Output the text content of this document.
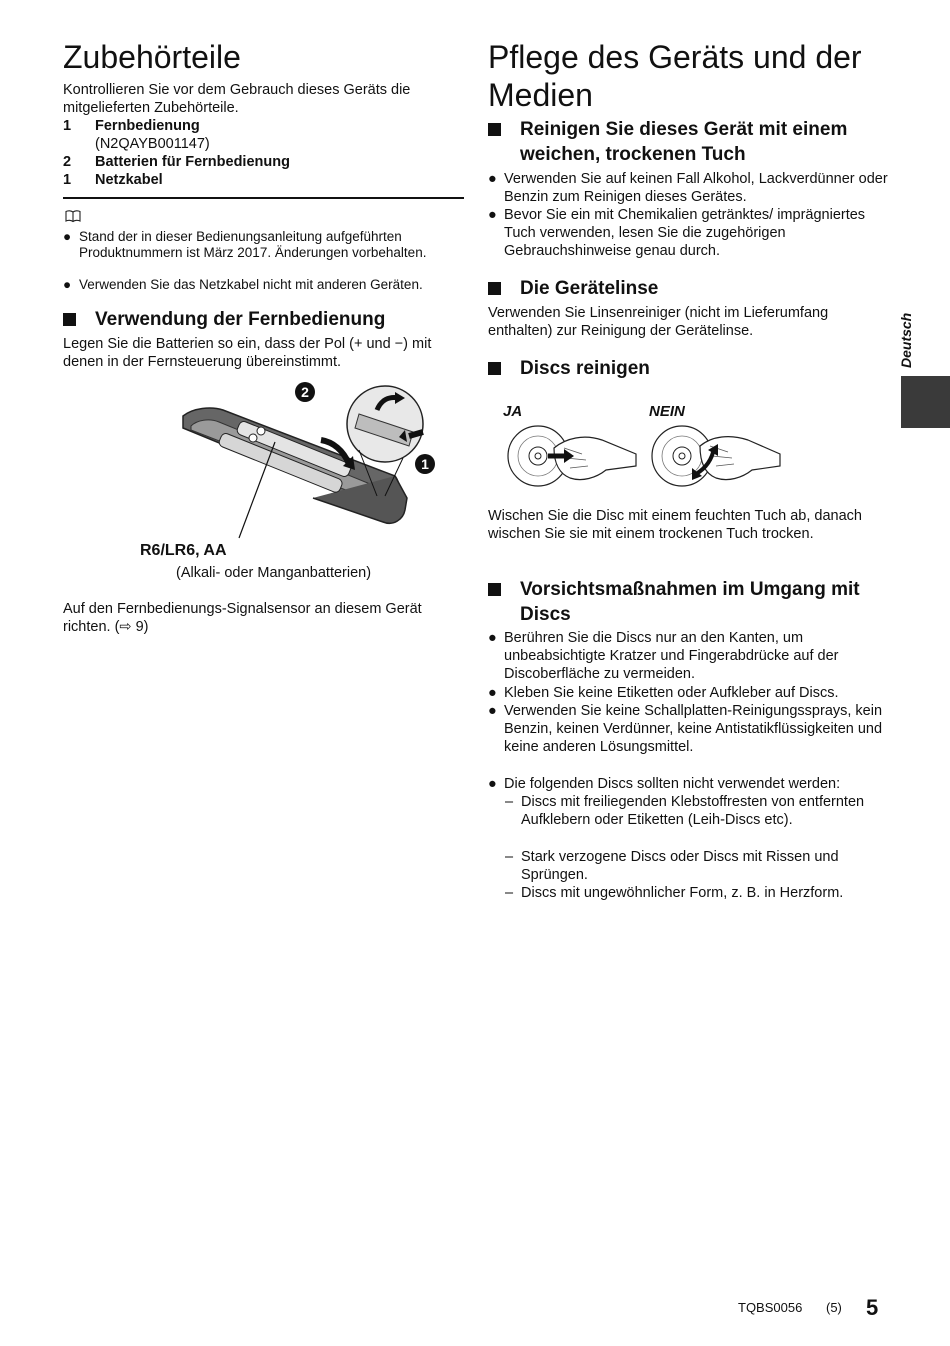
Zubehörteile
Kontrollieren Sie vor dem Gebrauch dieses Geräts die mitgelieferten Zubehörteile.
1 Fernbedienung
(N2QAYB001147)
2 Batterien für Fernbedienung
1 Netzkabel
● Stand der in dieser Bedienungsanleitung aufgeführten Produktnummern ist März 2017. Änderungen vorbehalten.
● Verwenden Sie das Netzkabel nicht mit anderen Geräten.
Verwendung der Fernbedienung
Legen Sie die Batterien so ein, dass der Pol (+ und −) mit denen in der Fernsteuerung übereinstimmt.
2
1
R6/LR6, AA
(Alkali- oder Manganbatterien)
Auf den Fernbedienungs-Signalsensor an diesem Gerät richten. (⇨ 9)
Pflege des Geräts und der Medien
Reinigen Sie dieses Gerät mit einem weichen, trockenen Tuch
● Verwenden Sie auf keinen Fall Alkohol, Lackverdünner oder Benzin zum Reinigen dieses Gerätes.
● Bevor Sie ein mit Chemikalien getränktes/ imprägniertes Tuch verwenden, lesen Sie die zugehörigen Gebrauchshinweise genau durch.
Die Gerätelinse
Verwenden Sie Linsenreiniger (nicht im Lieferumfang enthalten) zur Reinigung der Gerätelinse.
Discs reinigen
JA	NEIN
Wischen Sie die Disc mit einem feuchten Tuch ab, danach wischen Sie sie mit einem trockenen Tuch trocken.
Vorsichtsmaßnahmen im Umgang mit Discs
● Berühren Sie die Discs nur an den Kanten, um unbeabsichtigte Kratzer und Fingerabdrücke auf der Discoberfläche zu vermeiden.
● Kleben Sie keine Etiketten oder Aufkleber auf Discs.
● Verwenden Sie keine Schallplatten-Reinigungssprays, kein Benzin, keinen Verdünner, keine Antistatikflüssigkeiten und keine anderen Lösungsmittel.
● Die folgenden Discs sollten nicht verwendet werden:
– Discs mit freiliegenden Klebstoffresten von entfernten Aufklebern oder Etiketten (Leih-Discs etc).
– Stark verzogene Discs oder Discs mit Rissen und Sprüngen.
– Discs mit ungewöhnlicher Form, z. B. in Herzform.
Deutsch
TQBS0056 (5) 5
